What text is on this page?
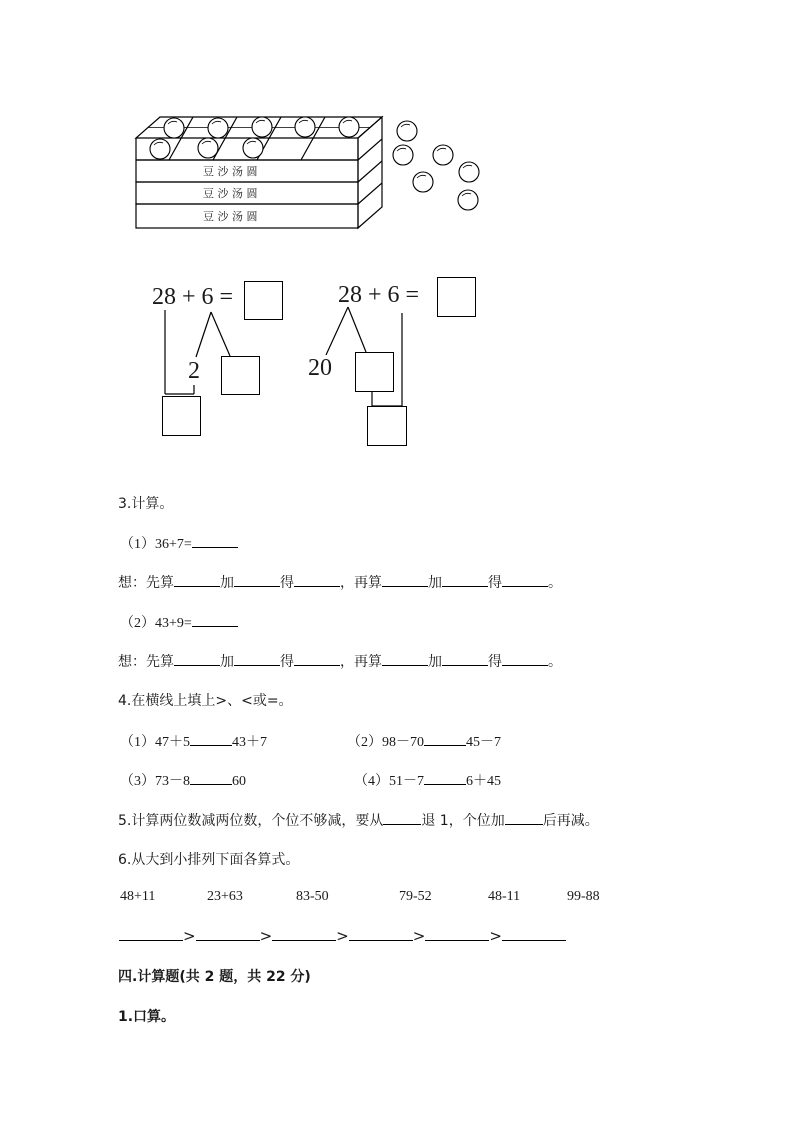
豆 沙 汤 圆
豆 沙 汤 圆
豆 沙 汤 圆
28 + 6 =
2
28 + 6 =
20
3.计算。
（1）36+7=
想：先算	加	得	，再算	加	得	。
（2）43+9=
想：先算	加	得	，再算	加	得	。
4.在横线上填上>、<或=。
（1）47＋5	43＋7	（2）98－70	45－7
（3）73－8	60	（4）51－7	6＋45
5.计算两位数减两位数，个位不够减，要从	退 1，个位加	后再减。
6.从大到小排列下面各算式。
48+11	23+63	83-50	79-52	48-11	99-88
>	>	>	>	>
四.计算题(共 2 题，共 22 分)
1.口算。
